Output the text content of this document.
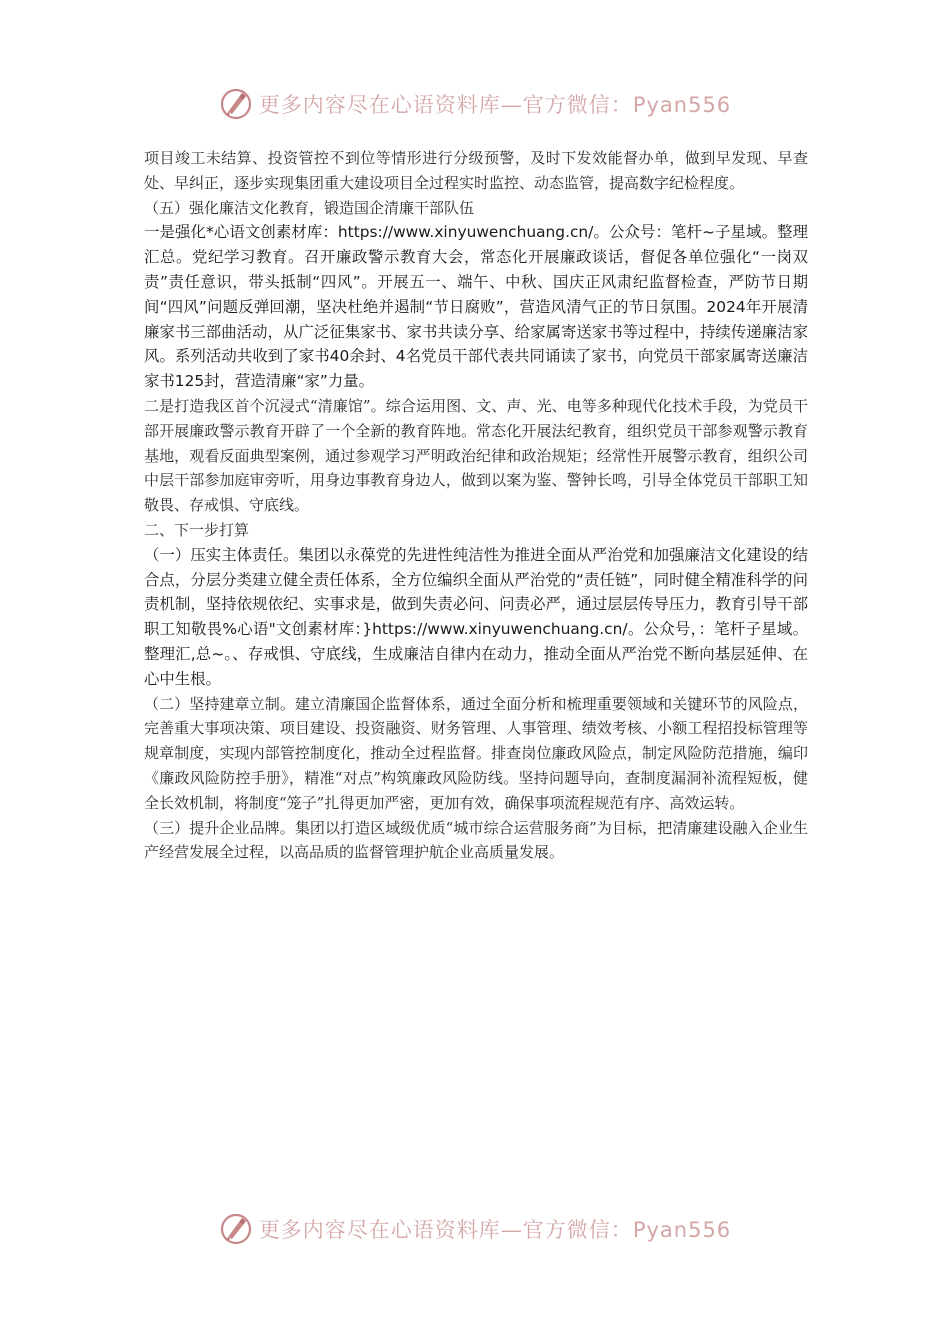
更多内容尽在心语资料库—官方微信：Pyan556

项目竣工未结算、投资管控不到位等情形进行分级预警，及时下发效能督办单，做到早发现、早查处、早纠正，逐步实现集团重大建设项目全过程实时监控、动态监管，提高数字纪检程度。

（五）强化廉洁文化教育，锻造国企清廉干部队伍

一是强化*心语文创素材库：https://www.xinyuwenchuang.cn/。公众号：笔杆~子星域。整理汇总。党纪学习教育。召开廉政警示教育大会，常态化开展廉政谈话，督促各单位强化“一岗双责”责任意识，带头抵制“四风”。开展五一、端午、中秋、国庆正风肃纪监督检查，严防节日期间“四风”问题反弹回潮，坚决杜绝并遏制“节日腐败”，营造风清气正的节日氛围。2024年开展清廉家书三部曲活动，从广泛征集家书、家书共读分享、给家属寄送家书等过程中，持续传递廉洁家风。系列活动共收到了家书40余封、4名党员干部代表共同诵读了家书，向党员干部家属寄送廉洁家书125封，营造清廉“家”力量。

二是打造我区首个沉浸式“清廉馆”。综合运用图、文、声、光、电等多种现代化技术手段，为党员干部开展廉政警示教育开辟了一个全新的教育阵地。常态化开展法纪教育，组织党员干部参观警示教育基地，观看反面典型案例，通过参观学习严明政治纪律和政治规矩；经常性开展警示教育，组织公司中层干部参加庭审旁听，用身边事教育身边人，做到以案为鉴、警钟长鸣，引导全体党员干部职工知敬畏、存戒惧、守底线。

二、下一步打算

（一）压实主体责任。集团以永葆党的先进性纯洁性为推进全面从严治党和加强廉洁文化建设的结合点，分层分类建立健全责任体系，全方位编织全面从严治党的“责任链”，同时健全精准科学的问责机制，坚持依规依纪、实事求是，做到失责必问、问责必严，通过层层传导压力，教育引导干部职工知敬畏%心语"文创素材库：}https://www.xinyuwenchuang.cn/。公众号，：笔杆子星域。整理汇,总~。、存戒惧、守底线，生成廉洁自律内在动力，推动全面从严治党不断向基层延伸、在心中生根。

（二）坚持建章立制。建立清廉国企监督体系，通过全面分析和梳理重要领域和关键环节的风险点，完善重大事项决策、项目建设、投资融资、财务管理、人事管理、绩效考核、小额工程招投标管理等规章制度，实现内部管控制度化，推动全过程监督。排查岗位廉政风险点，制定风险防范措施，编印《廉政风险防控手册》，精准“对点”构筑廉政风险防线。坚持问题导向，查制度漏洞补流程短板，健全长效机制，将制度“笼子”扎得更加严密，更加有效，确保事项流程规范有序、高效运转。

（三）提升企业品牌。集团以打造区域级优质“城市综合运营服务商”为目标，把清廉建设融入企业生产经营发展全过程，以高品质的监督管理护航企业高质量发展。

更多内容尽在心语资料库—官方微信：Pyan556
